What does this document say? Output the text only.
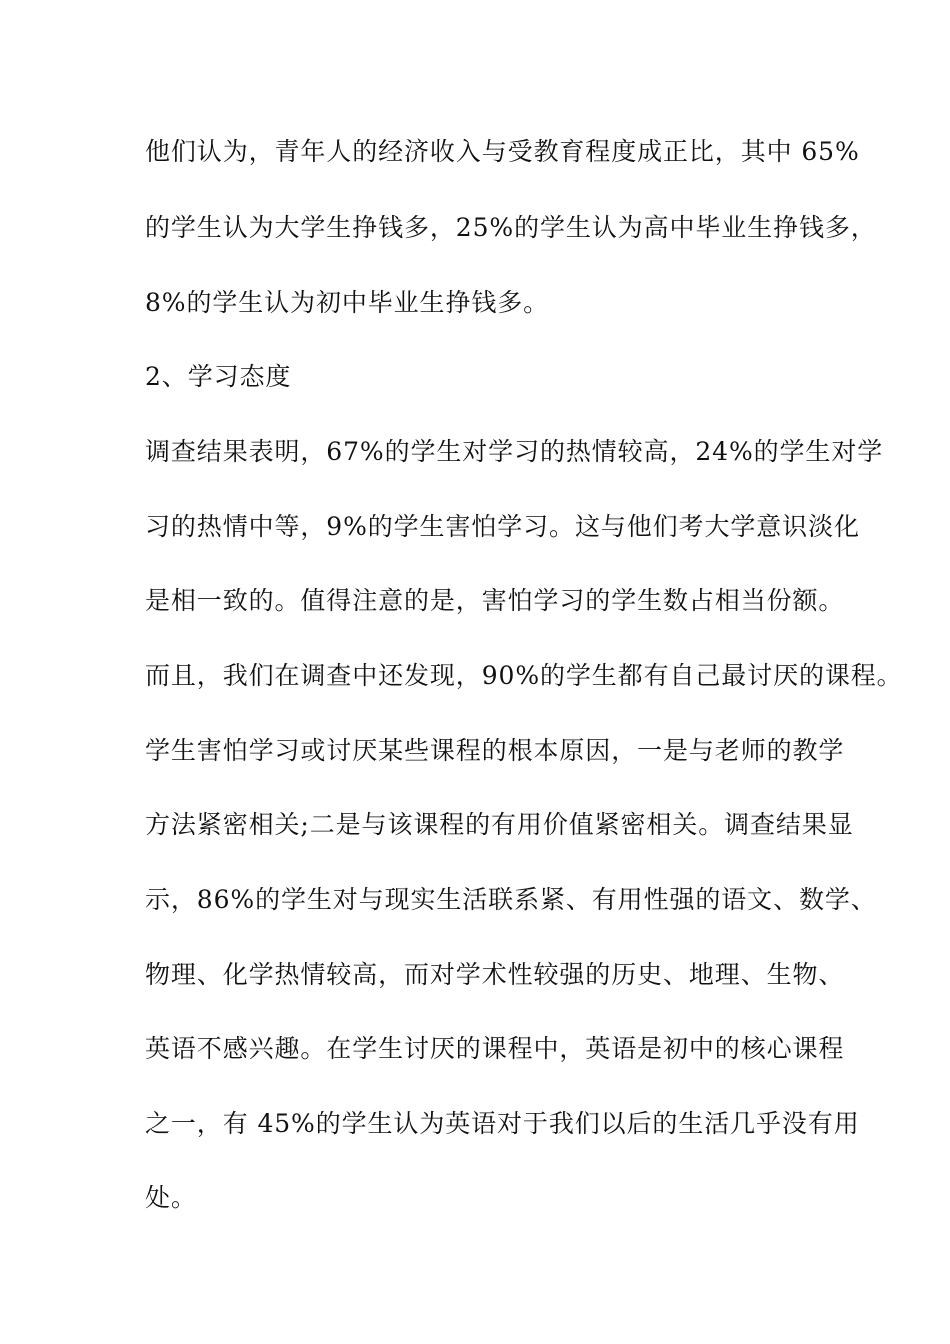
他们认为，青年人的经济收入与受教育程度成正比，其中 65%
的学生认为大学生挣钱多，25%的学生认为高中毕业生挣钱多，
8%的学生认为初中毕业生挣钱多。
2、学习态度
调查结果表明，67%的学生对学习的热情较高，24%的学生对学
习的热情中等，9%的学生害怕学习。这与他们考大学意识淡化
是相一致的。值得注意的是，害怕学习的学生数占相当份额。
而且，我们在调查中还发现，90%的学生都有自己最讨厌的课程。
学生害怕学习或讨厌某些课程的根本原因，一是与老师的教学
方法紧密相关;二是与该课程的有用价值紧密相关。调查结果显
示，86%的学生对与现实生活联系紧、有用性强的语文、数学、
物理、化学热情较高，而对学术性较强的历史、地理、生物、
英语不感兴趣。在学生讨厌的课程中，英语是初中的核心课程
之一，有 45%的学生认为英语对于我们以后的生活几乎没有用
处。
